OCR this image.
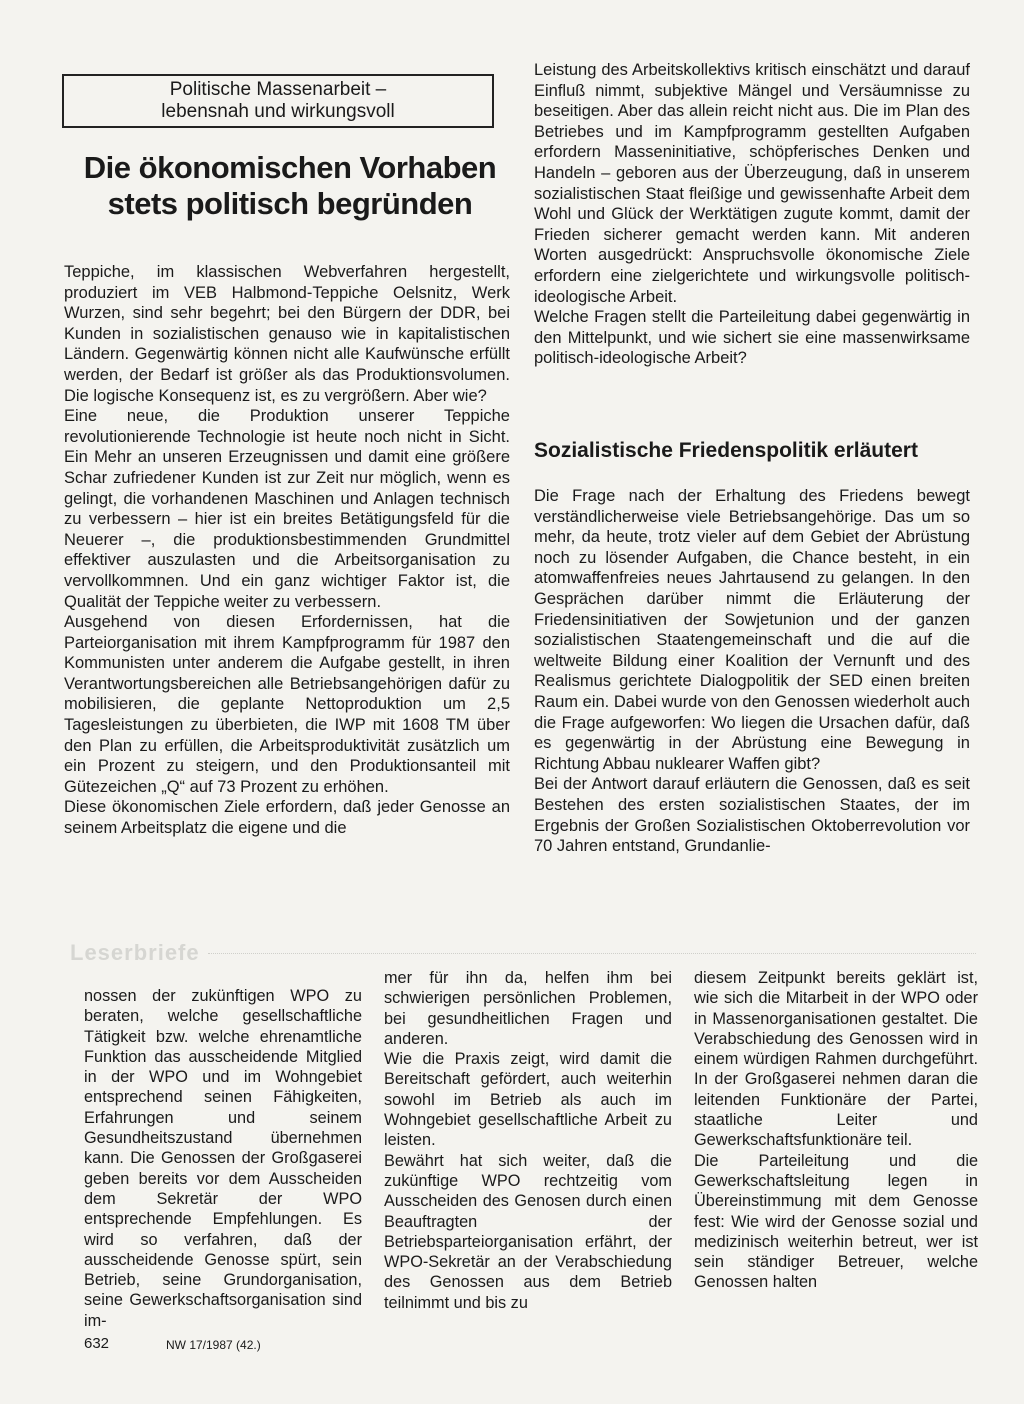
Politische Massenarbeit –
lebensnah und wirkungsvoll
Die ökonomischen Vorhaben stets politisch begründen

Teppiche, im klassischen Webverfahren hergestellt, produziert im VEB Halbmond-Teppiche Oelsnitz, Werk Wurzen, sind sehr begehrt; bei den Bürgern der DDR, bei Kunden in sozialistischen genauso wie in kapitalistischen Ländern. Gegenwärtig können nicht alle Kaufwünsche erfüllt werden, der Bedarf ist größer als das Produktionsvolumen. Die logische Konsequenz ist, es zu vergrößern. Aber wie?

Eine neue, die Produktion unserer Teppiche revolutionierende Technologie ist heute noch nicht in Sicht. Ein Mehr an unseren Erzeugnissen und damit eine größere Schar zufriedener Kunden ist zur Zeit nur möglich, wenn es gelingt, die vorhandenen Maschinen und Anlagen technisch zu verbessern – hier ist ein breites Betätigungsfeld für die Neuerer –, die produktionsbestimmenden Grundmittel effektiver auszulasten und die Arbeitsorganisation zu vervollkommnen. Und ein ganz wichtiger Faktor ist, die Qualität der Teppiche weiter zu verbessern.

Ausgehend von diesen Erfordernissen, hat die Parteiorganisation mit ihrem Kampfprogramm für 1987 den Kommunisten unter anderem die Aufgabe gestellt, in ihren Verantwortungsbereichen alle Betriebsangehörigen dafür zu mobilisieren, die geplante Nettoproduktion um 2,5 Tagesleistungen zu überbieten, die IWP mit 1608 TM über den Plan zu erfüllen, die Arbeitsproduktivität zusätzlich um ein Prozent zu steigern, und den Produktionsanteil mit Gütezeichen „Q“ auf 73 Prozent zu erhöhen.

Diese ökonomischen Ziele erfordern, daß jeder Genosse an seinem Arbeitsplatz die eigene und die

Leistung des Arbeitskollektivs kritisch einschätzt und darauf Einfluß nimmt, subjektive Mängel und Versäumnisse zu beseitigen. Aber das allein reicht nicht aus. Die im Plan des Betriebes und im Kampfprogramm gestellten Aufgaben erfordern Masseninitiative, schöpferisches Denken und Handeln – geboren aus der Überzeugung, daß in unserem sozialistischen Staat fleißige und gewissenhafte Arbeit dem Wohl und Glück der Werktätigen zugute kommt, damit der Frieden sicherer gemacht werden kann. Mit anderen Worten ausgedrückt: Anspruchsvolle ökonomische Ziele erfordern eine zielgerichtete und wirkungsvolle politisch-ideologische Arbeit.

Welche Fragen stellt die Parteileitung dabei gegenwärtig in den Mittelpunkt, und wie sichert sie eine massenwirksame politisch-ideologische Arbeit?

Sozialistische Friedenspolitik erläutert

Die Frage nach der Erhaltung des Friedens bewegt verständlicherweise viele Betriebsangehörige. Das um so mehr, da heute, trotz vieler auf dem Gebiet der Abrüstung noch zu lösender Aufgaben, die Chance besteht, in ein atomwaffenfreies neues Jahrtausend zu gelangen. In den Gesprächen darüber nimmt die Erläuterung der Friedensinitiativen der Sowjetunion und der ganzen sozialistischen Staatengemeinschaft und die auf die weltweite Bildung einer Koalition der Vernunft und des Realismus gerichtete Dialogpolitik der SED einen breiten Raum ein. Dabei wurde von den Genossen wiederholt auch die Frage aufgeworfen: Wo liegen die Ursachen dafür, daß es gegenwärtig in der Abrüstung eine Bewegung in Richtung Abbau nuklearer Waffen gibt?

Bei der Antwort darauf erläutern die Genossen, daß es seit Bestehen des ersten sozialistischen Staates, der im Ergebnis der Großen Sozialistischen Oktoberrevolution vor 70 Jahren entstand, Grundanlie-

Leserbriefe

nossen der zukünftigen WPO zu beraten, welche gesellschaftliche Tätigkeit bzw. welche ehrenamtliche Funktion das ausscheidende Mitglied in der WPO und im Wohngebiet entsprechend seinen Fähigkeiten, Erfahrungen und seinem Gesundheitszustand übernehmen kann. Die Genossen der Großgaserei geben bereits vor dem Ausscheiden dem Sekretär der WPO entsprechende Empfehlungen. Es wird so verfahren, daß der ausscheidende Genosse spürt, sein Betrieb, seine Grundorganisation, seine Gewerkschaftsorganisation sind im-

mer für ihn da, helfen ihm bei schwierigen persönlichen Problemen, bei gesundheitlichen Fragen und anderen.

Wie die Praxis zeigt, wird damit die Bereitschaft gefördert, auch weiterhin sowohl im Betrieb als auch im Wohngebiet gesellschaftliche Arbeit zu leisten.

Bewährt hat sich weiter, daß die zukünftige WPO rechtzeitig vom Ausscheiden des Genosen durch einen Beauftragten der Betriebsparteiorganisation erfährt, der WPO-Sekretär an der Verabschiedung des Genossen aus dem Betrieb teilnimmt und bis zu

diesem Zeitpunkt bereits geklärt ist, wie sich die Mitarbeit in der WPO oder in Massenorganisationen gestaltet. Die Verabschiedung des Genossen wird in einem würdigen Rahmen durchgeführt. In der Großgaserei nehmen daran die leitenden Funktionäre der Partei, staatliche Leiter und Gewerkschaftsfunktionäre teil.

Die Parteileitung und die Gewerkschaftsleitung legen in Übereinstimmung mit dem Genosse fest: Wie wird der Genosse sozial und medizinisch weiterhin betreut, wer ist sein ständiger Betreuer, welche Genossen halten

632	NW 17/1987 (42.)
